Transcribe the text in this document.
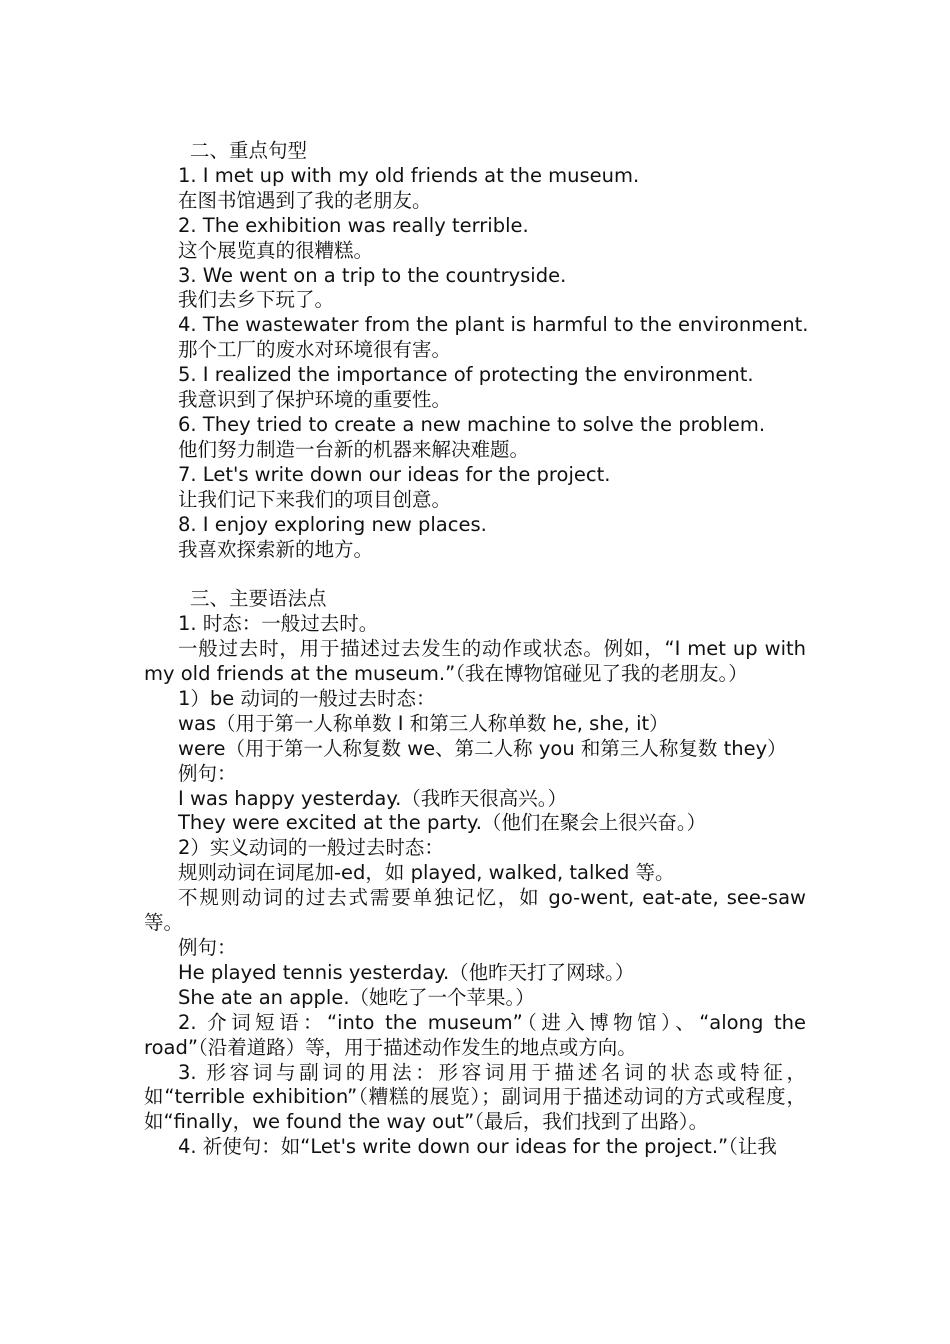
二、重点句型
1. I met up with my old friends at the museum.
在图书馆遇到了我的老朋友。
2. The exhibition was really terrible.
这个展览真的很糟糕。
3. We went on a trip to the countryside.
我们去乡下玩了。
4. The wastewater from the plant is harmful to the environment.
那个工厂的废水对环境很有害。
5. I realized the importance of protecting the environment.
我意识到了保护环境的重要性。
6. They tried to create a new machine to solve the problem.
他们努力制造一台新的机器来解决难题。
7. Let's write down our ideas for the project.
让我们记下来我们的项目创意。
8. I enjoy exploring new places.
我喜欢探索新的地方。
三、主要语法点
1. 时态：一般过去时。
一般过去时，用于描述过去发生的动作或状态。例如，“I met up with my old friends at the museum.”（我在博物馆碰见了我的老朋友。）
1）be 动词的一般过去时态：
was（用于第一人称单数 I 和第三人称单数 he, she, it）
were（用于第一人称复数 we、第二人称 you 和第三人称复数 they）
例句：
I was happy yesterday.（我昨天很高兴。）
They were excited at the party.（他们在聚会上很兴奋。）
2）实义动词的一般过去时态：
规则动词在词尾加-ed，如 played, walked, talked 等。
不规则动词的过去式需要单独记忆，如 go-went, eat-ate, see-saw 等。
例句：
He played tennis yesterday.（他昨天打了网球。）
She ate an apple.（她吃了一个苹果。）
2. 介词短语：“into the museum”（进入博物馆）、“along the road”（沿着道路）等，用于描述动作发生的地点或方向。
3. 形容词与副词的用法：形容词用于描述名词的状态或特征，如“terrible exhibition”（糟糕的展览）；副词用于描述动词的方式或程度，如“finally，we found the way out”（最后，我们找到了出路）。
4. 祈使句：如“Let's write down our ideas for the project.”（让我
